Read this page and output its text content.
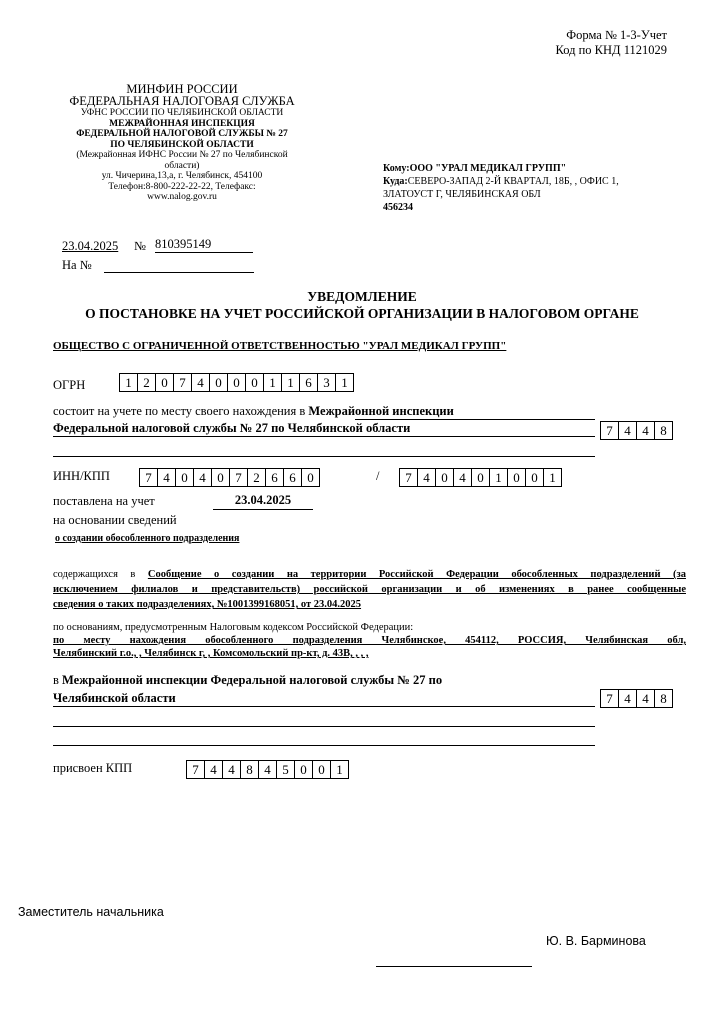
Форма № 1-3-Учет
Код по КНД 1121029
МИНФИН РОССИИ
ФЕДЕРАЛЬНАЯ НАЛОГОВАЯ СЛУЖБА
УФНС РОССИИ ПО ЧЕЛЯБИНСКОЙ ОБЛАСТИ
МЕЖРАЙОННАЯ ИНСПЕКЦИЯ
ФЕДЕРАЛЬНОЙ НАЛОГОВОЙ СЛУЖБЫ № 27
ПО ЧЕЛЯБИНСКОЙ ОБЛАСТИ
(Межрайонная ИФНС России № 27 по Челябинской
области)
ул. Чичерина,13,а, г. Челябинск, 454100
Телефон:8-800-222-22-22, Телефакс:
www.nalog.gov.ru
Кому:ООО "УРАЛ МЕДИКАЛ ГРУПП"
Куда:СЕВЕРО-ЗАПАД 2-Й КВАРТАЛ, 18Б, , ОФИС 1,
ЗЛАТОУСТ Г, ЧЕЛЯБИНСКАЯ ОБЛ
456234
23.04.2025 № 810395149
На №
УВЕДОМЛЕНИЕ
О ПОСТАНОВКЕ НА УЧЕТ РОССИЙСКОЙ ОРГАНИЗАЦИИ В НАЛОГОВОМ ОРГАНЕ
ОБЩЕСТВО С ОГРАНИЧЕННОЙ ОТВЕТСТВЕННОСТЬЮ "УРАЛ МЕДИКАЛ ГРУПП"
ОГРН	1 2 0 7 4 0 0 0 1 1 6 3 1
состоит на учете по месту своего нахождения в Межрайонной инспекции
Федеральной налоговой службы № 27 по Челябинской области	7 4 4 8
ИНН/КПП	7 4 0 4 0 7 2 6 6 0	/	7 4 0 4 0 1 0 0 1
поставлена на учет	23.04.2025
на основании сведений
о создании обособленного подразделения
содержащихся в Сообщение о создании на территории Российской Федерации обособленных подразделений (за
исключением филиалов и представительств) российской организации и об изменениях в ранее сообщенные
сведения о таких подразделениях, №1001399168051, от 23.04.2025
по основаниям, предусмотренным Налоговым кодексом Российской Федерации:
по месту нахождения обособленного подразделения Челябинское, 454112, РОССИЯ, Челябинская обл,
Челябинский г.о., , Челябинск г, , Комсомольский пр-кт, д. 43В, , , ,
в Межрайонной инспекции Федеральной налоговой службы № 27 по
Челябинской области	7 4 4 8
присвоен КПП	7 4 4 8 4 5 0 0 1
Заместитель начальника
Ю. В. Барминова
